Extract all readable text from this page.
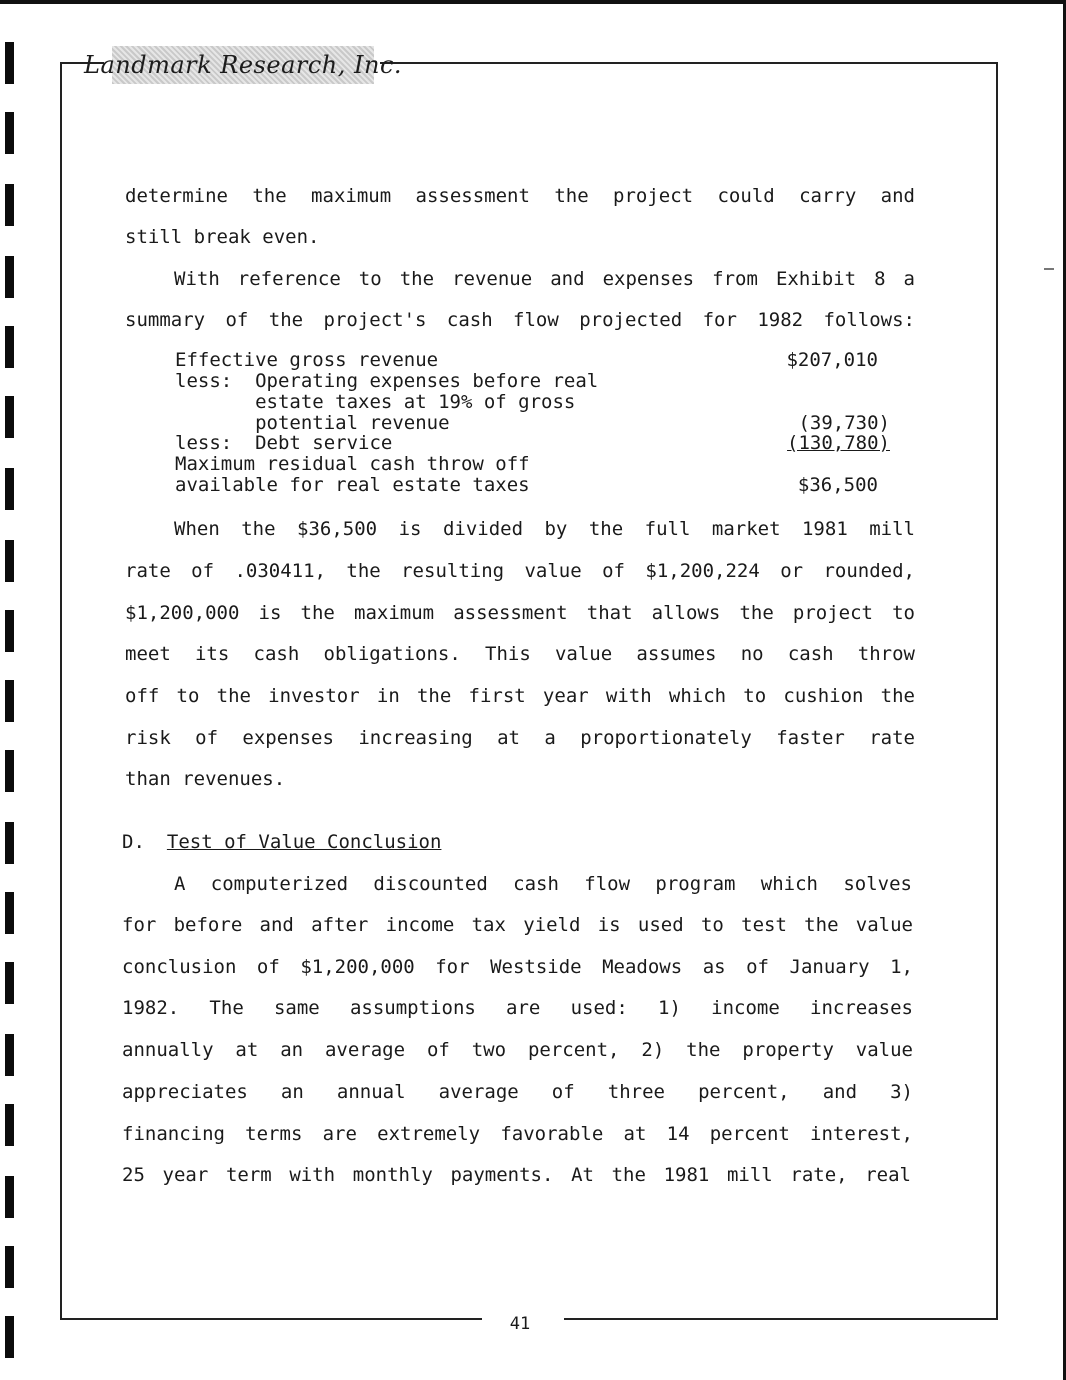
Landmark Research, Inc.
determine the maximum assessment the project could carry and
still break even.
With reference to the revenue and expenses from Exhibit 8 a
summary of the project's cash flow projected for 1982 follows:
Effective gross revenue	$207,010
less:  Operating expenses before real
estate taxes at 19% of gross
potential revenue	(39,730)
less:  Debt service	(130,780)
Maximum residual cash throw off
available for real estate taxes	$36,500
When the $36,500 is divided by the full market 1981 mill
rate of .030411, the resulting value of $1,200,224 or rounded,
$1,200,000 is the maximum assessment that allows the project to
meet its cash obligations. This value assumes no cash throw
off to the investor in the first year with which to cushion the
risk of expenses increasing at a proportionately faster rate
than revenues.
D. Test of Value Conclusion
A computerized discounted cash flow program which solves
for before and after income tax yield is used to test the value
conclusion of $1,200,000 for Westside Meadows as of January 1,
1982. The same assumptions are used: 1) income increases
annually at an average of two percent, 2) the property value
appreciates an annual average of three percent, and 3)
financing terms are extremely favorable at 14 percent interest,
25 year term with monthly payments. At the 1981 mill rate, real
41
